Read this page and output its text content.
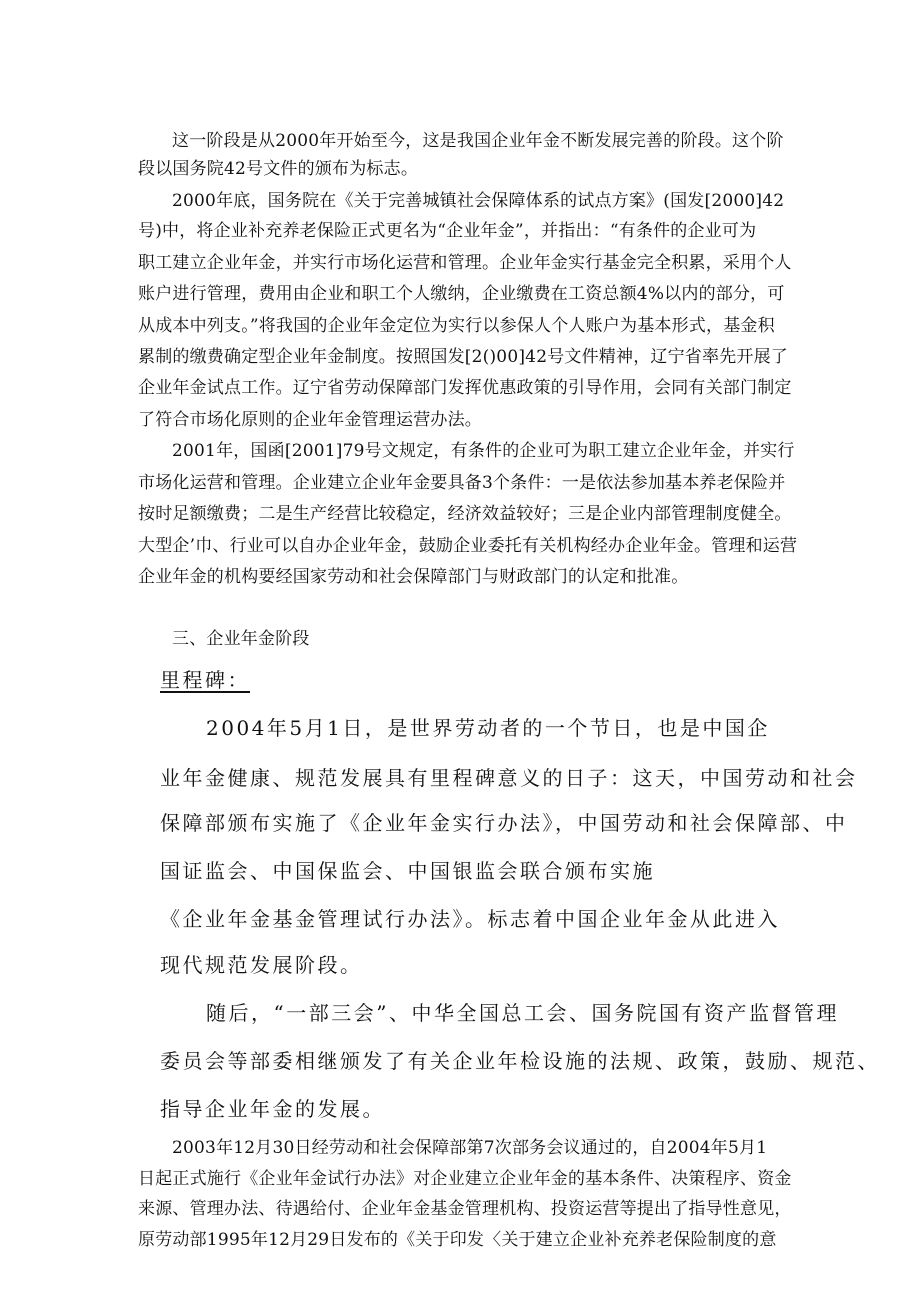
这一阶段是从2000年开始至今，这是我国企业年金不断发展完善的阶段。这个阶

段以国务院42号文件的颁布为标志。

2000年底，国务院在《关于完善城镇社会保障体系的试点方案》(国发[2000]42

号)中，将企业补充养老保险正式更名为“企业年金”，并指出：“有条件的企业可为

职工建立企业年金，并实行市场化运营和管理。企业年金实行基金完全积累，采用个人

账户进行管理，费用由企业和职工个人缴纳，企业缴费在工资总额4%以内的部分，可

从成本中列支。”将我国的企业年金定位为实行以参保人个人账户为基本形式，基金积

累制的缴费确定型企业年金制度。按照国发[2()00]42号文件精神，辽宁省率先开展了

企业年金试点工作。辽宁省劳动保障部门发挥优惠政策的引导作用，会同有关部门制定

了符合市场化原则的企业年金管理运营办法。

2001年，国函[2001]79号文规定，有条件的企业可为职工建立企业年金，并实行

市场化运营和管理。企业建立企业年金要具备3个条件：一是依法参加基本养老保险并

按时足额缴费；二是生产经营比较稳定，经济效益较好；三是企业内部管理制度健全。

大型企’巾、行业可以自办企业年金，鼓励企业委托有关机构经办企业年金。管理和运营

企业年金的机构要经国家劳动和社会保障部门与财政部门的认定和批准。

三、企业年金阶段

里程碑：

2004年5月1日，是世界劳动者的一个节日，也是中国企

业年金健康、规范发展具有里程碑意义的日子：这天，中国劳动和社会

保障部颁布实施了《企业年金实行办法》，中国劳动和社会保障部、中

国证监会、中国保监会、中国银监会联合颁布实施

《企业年金基金管理试行办法》。标志着中国企业年金从此进入

现代规范发展阶段。

随后，“一部三会”、中华全国总工会、国务院国有资产监督管理

委员会等部委相继颁发了有关企业年检设施的法规、政策，鼓励、规范、

指导企业年金的发展。

2003年12月30日经劳动和社会保障部第7次部务会议通过的，自2004年5月1

日起正式施行《企业年金试行办法》对企业建立企业年金的基本条件、决策程序、资金

来源、管理办法、待遇给付、企业年金基金管理机构、投资运营等提出了指导性意见，

原劳动部1995年12月29日发布的《关于印发〈关于建立企业补充养老保险制度的意
